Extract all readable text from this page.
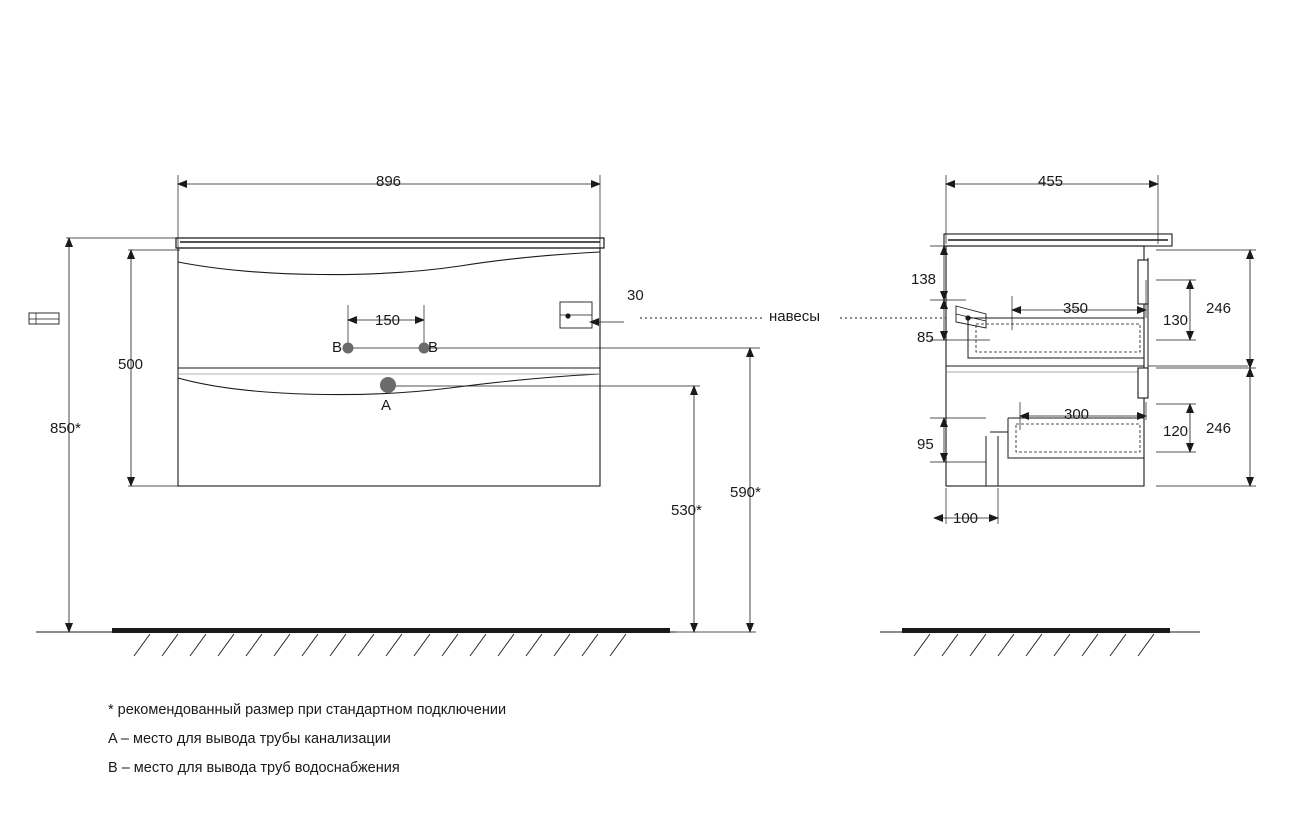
896
500
850*
150
30
530*
590*
B	B
A
навесы
455
138
85
350
300
130
246
120 246
95
100
* рекомендованный размер при стандартном подключении
A – место для вывода трубы канализации
B – место для вывода труб водоснабжения
